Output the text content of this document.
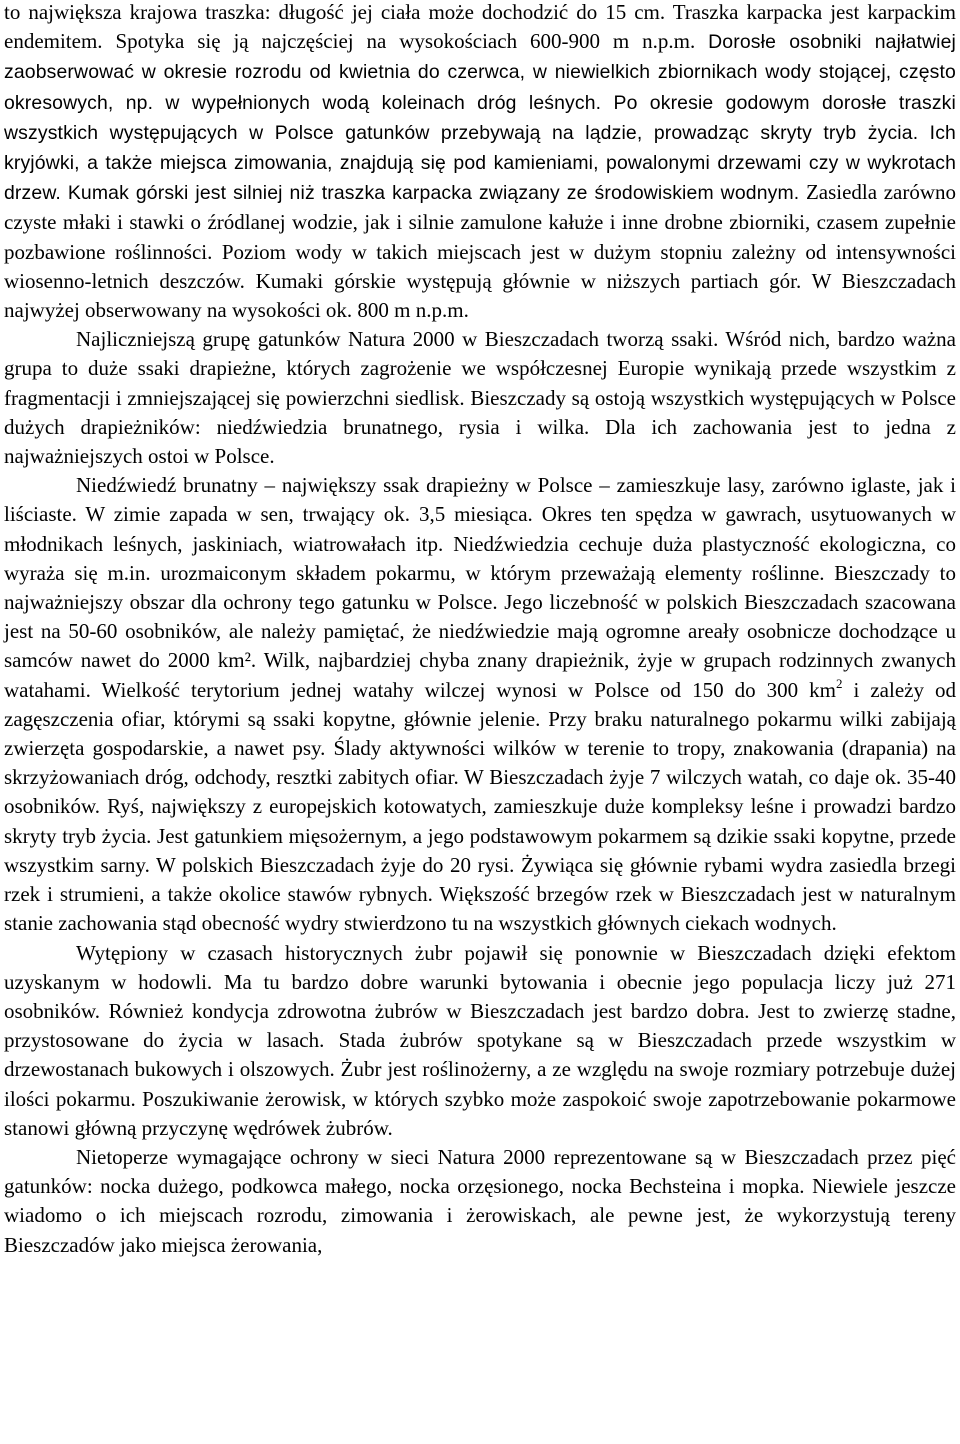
to największa krajowa traszka: długość jej ciała może dochodzić do 15 cm. Traszka karpacka jest karpackim endemitem. Spotyka się ją najczęściej na wysokościach 600-900 m n.p.m. Dorosłe osobniki najłatwiej zaobserwować w okresie rozrodu od kwietnia do czerwca, w niewielkich zbiornikach wody stojącej, często okresowych, np. w wypełnionych wodą koleinach dróg leśnych. Po okresie godowym dorosłe traszki wszystkich występujących w Polsce gatunków przebywają na lądzie, prowadząc skryty tryb życia. Ich kryjówki, a także miejsca zimowania, znajdują się pod kamieniami, powalonymi drzewami czy w wykrotach drzew. Kumak górski jest silniej niż traszka karpacka związany ze środowiskiem wodnym. Zasiedla zarówno czyste młaki i stawki o źródlanej wodzie, jak i silnie zamulone kałuże i inne drobne zbiorniki, czasem zupełnie pozbawione roślinności. Poziom wody w takich miejscach jest w dużym stopniu zależny od intensywności wiosenno-letnich deszczów. Kumaki górskie występują głównie w niższych partiach gór. W Bieszczadach najwyżej obserwowany na wysokości ok. 800 m n.p.m.

Najliczniejszą grupę gatunków Natura 2000 w Bieszczadach tworzą ssaki. Wśród nich, bardzo ważna grupa to duże ssaki drapieżne, których zagrożenie we współczesnej Europie wynikają przede wszystkim z fragmentacji i zmniejszającej się powierzchni siedlisk. Bieszczady są ostoją wszystkich występujących w Polsce dużych drapieżników: niedźwiedzia brunatnego, rysia i wilka. Dla ich zachowania jest to jedna z najważniejszych ostoi w Polsce.

Niedźwiedź brunatny – największy ssak drapieżny w Polsce – zamieszkuje lasy, zarówno iglaste, jak i liściaste. W zimie zapada w sen, trwający ok. 3,5 miesiąca. Okres ten spędza w gawrach, usytuowanych w młodnikach leśnych, jaskiniach, wiatrowałach itp. Niedźwiedzia cechuje duża plastyczność ekologiczna, co wyraża się m.in. urozmaiconym składem pokarmu, w którym przeważają elementy roślinne. Bieszczady to najważniejszy obszar dla ochrony tego gatunku w Polsce. Jego liczebność w polskich Bieszczadach szacowana jest na 50-60 osobników, ale należy pamiętać, że niedźwiedzie mają ogromne areały osobnicze dochodzące u samców nawet do 2000 km². Wilk, najbardziej chyba znany drapieżnik, żyje w grupach rodzinnych zwanych watahami. Wielkość terytorium jednej watahy wilczej wynosi w Polsce od 150 do 300 $km^2$ i zależy od zagęszczenia ofiar, którymi są ssaki kopytne, głównie jelenie. Przy braku naturalnego pokarmu wilki zabijają zwierzęta gospodarskie, a nawet psy. Ślady aktywności wilków w terenie to tropy, znakowania (drapania) na skrzyżowaniach dróg, odchody, resztki zabitych ofiar. W Bieszczadach żyje 7 wilczych watah, co daje ok. 35-40 osobników. Ryś, największy z europejskich kotowatych, zamieszkuje duże kompleksy leśne i prowadzi bardzo skryty tryb życia. Jest gatunkiem mięsożernym, a jego podstawowym pokarmem są dzikie ssaki kopytne, przede wszystkim sarny. W polskich Bieszczadach żyje do 20 rysi. Żywiąca się głównie rybami wydra zasiedla brzegi rzek i strumieni, a także okolice stawów rybnych. Większość brzegów rzek w Bieszczadach jest w naturalnym stanie zachowania stąd obecność wydry stwierdzono tu na wszystkich głównych ciekach wodnych.

Wytępiony w czasach historycznych żubr pojawił się ponownie w Bieszczadach dzięki efektom uzyskanym w hodowli. Ma tu bardzo dobre warunki bytowania i obecnie jego populacja liczy już 271 osobników. Również kondycja zdrowotna żubrów w Bieszczadach jest bardzo dobra. Jest to zwierzę stadne, przystosowane do życia w lasach. Stada żubrów spotykane są w Bieszczadach przede wszystkim w drzewostanach bukowych i olszowych. Żubr jest roślinożerny, a ze względu na swoje rozmiary potrzebuje dużej ilości pokarmu. Poszukiwanie żerowisk, w których szybko może zaspokoić swoje zapotrzebowanie pokarmowe stanowi główną przyczynę wędrówek żubrów.

Nietoperze wymagające ochrony w sieci Natura 2000 reprezentowane są w Bieszczadach przez pięć gatunków: nocka dużego, podkowca małego, nocka orzęsionego, nocka Bechsteina i mopka. Niewiele jeszcze wiadomo o ich miejscach rozrodu, zimowania i żerowiskach, ale pewne jest, że wykorzystują tereny Bieszczadów jako miejsca żerowania,
